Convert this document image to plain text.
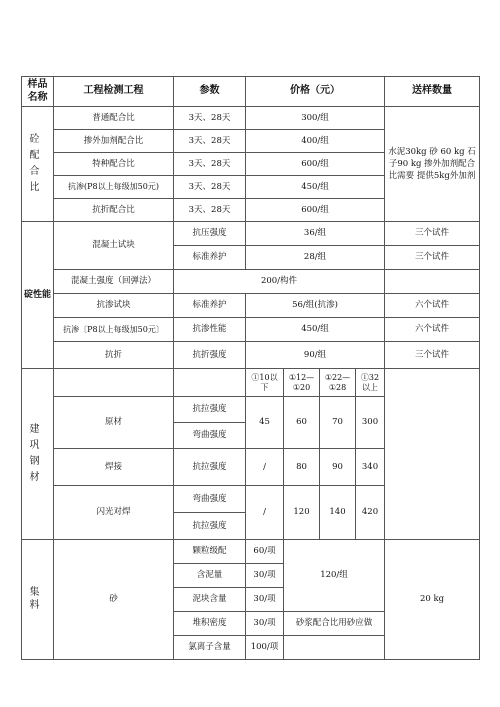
样品名称	工程检测工程	参数	价格（元）				送样数量
砼配合比	普通配合比	3天、28天	300/组				水泥30kg 砂 60 kg 石子90 kg 掺外加剂配合比需要 提供5kg外加剂
	掺外加剂配合比	3天、28天	400/组				
	特种配合比	3天、28天	600/组				
	抗渗(P8以上每级加50元)	3天、28天	450/组				
	抗折配合比	3天、28天	600/组				
碇性能	混凝土试块	抗压强度	36/组				三个试件
		标准养护	28/组				三个试件
	混凝土强度（回弹法）	200/构件					
	抗渗试块	标准养护	56/组(抗渗)				六个试件
	抗渗〔P8以上每级加50元〕	抗渗性能	450/组				六个试件
	抗折	抗折强度	90/组				三个试件
建巩钢材			①10以下	①12—①20	①22—①28	①32 以上	
	原材	抗拉强度	45	60	70	300	
		弯曲强度					
	焊接	抗拉强度	/	80	90	340	
	闪光对焊	弯曲强度	/	120	140	420	
		抗拉强度					
集 料	砂	颗粒级配	60/项	120/组			20 kg
		含泥量	30/项				
		泥块含量	30/项				
		堆积密度	30/项	砂浆配合比用砂应做			
		氯离子含量	100/项				
